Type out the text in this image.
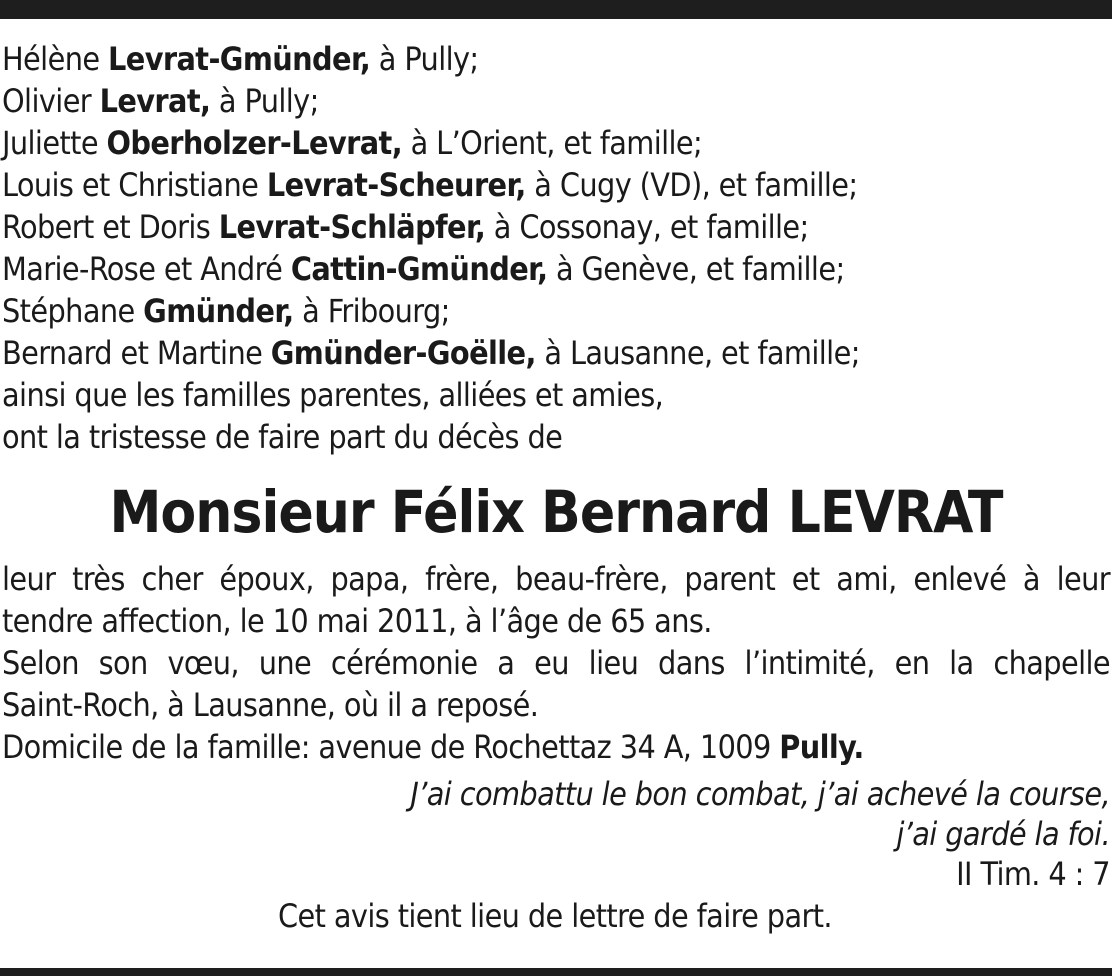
Hélène Levrat-Gmünder, à Pully;
Olivier Levrat, à Pully;
Juliette Oberholzer-Levrat, à L’Orient, et famille;
Louis et Christiane Levrat-Scheurer, à Cugy (VD), et famille;
Robert et Doris Levrat-Schläpfer, à Cossonay, et famille;
Marie-Rose et André Cattin-Gmünder, à Genève, et famille;
Stéphane Gmünder, à Fribourg;
Bernard et Martine Gmünder-Goëlle, à Lausanne, et famille;
ainsi que les familles parentes, alliées et amies,
ont la tristesse de faire part du décès de
Monsieur Félix Bernard LEVRAT
leur très cher époux, papa, frère, beau-frère, parent et ami, enlevé à leur
tendre affection, le 10 mai 2011, à l’âge de 65 ans.
Selon son vœu, une cérémonie a eu lieu dans l’intimité, en la chapelle
Saint-Roch, à Lausanne, où il a reposé.
Domicile de la famille: avenue de Rochettaz 34 A, 1009 Pully.
J’ai combattu le bon combat, j’ai achevé la course,
j’ai gardé la foi.
II Tim. 4 : 7
Cet avis tient lieu de lettre de faire part.
